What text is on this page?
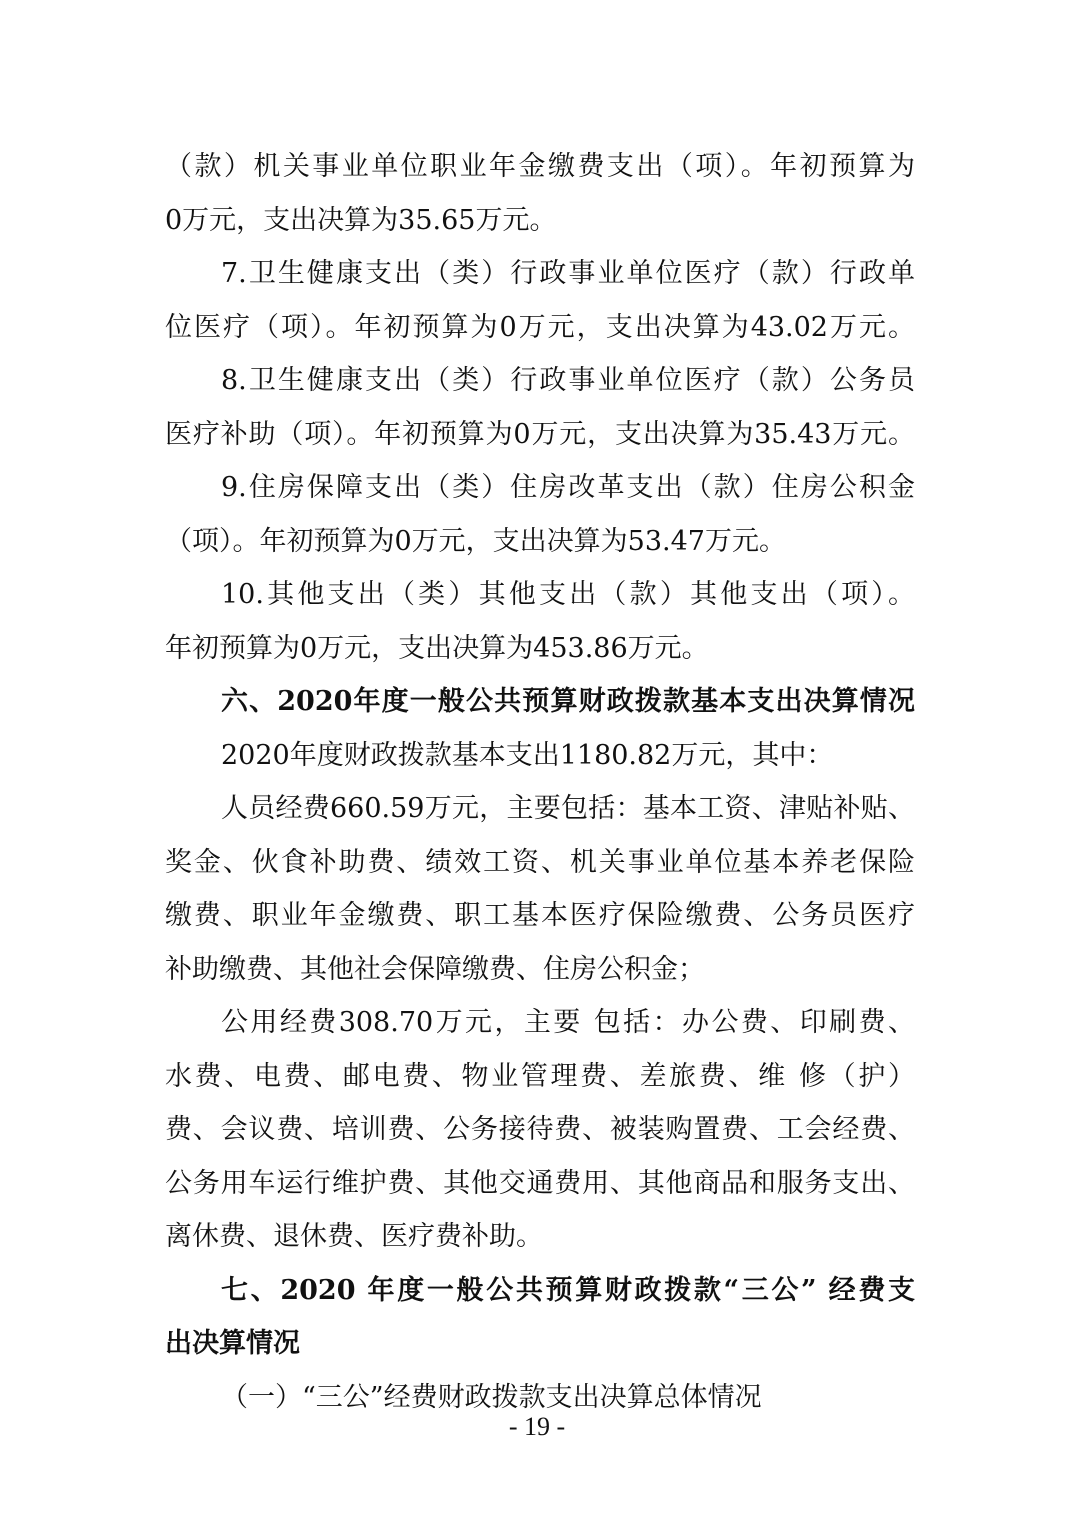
（款）机关事业单位职业年金缴费支出（项）。年初预算为
0万元，支出决算为35.65万元。
7.卫生健康支出（类）行政事业单位医疗（款）行政单
位医疗（项）。年初预算为0万元，支出决算为43.02万元。
8.卫生健康支出（类）行政事业单位医疗（款）公务员
医疗补助（项）。年初预算为0万元，支出决算为35.43万元。
9.住房保障支出（类）住房改革支出（款）住房公积金
（项）。年初预算为0万元，支出决算为53.47万元。
10.其他支出（类）其他支出（款）其他支出（项）。
年初预算为0万元，支出决算为453.86万元。
六、2020年度一般公共预算财政拨款基本支出决算情况
2020年度财政拨款基本支出1180.82万元，其中：
人员经费660.59万元，主要包括：基本工资、津贴补贴、
奖金、伙食补助费、绩效工资、机关事业单位基本养老保险
缴费、职业年金缴费、职工基本医疗保险缴费、公务员医疗
补助缴费、其他社会保障缴费、住房公积金；
公用经费308.70万元，主要 包括：办公费、印刷费、
水费、电费、邮电费、物业管理费、差旅费、维 修（护）
费、会议费、培训费、公务接待费、被装购置费、工会经费、
公务用车运行维护费、其他交通费用、其他商品和服务支出、
离休费、退休费、医疗费补助。
七、2020 年度一般公共预算财政拨款“三公” 经费支
出决算情况
（一）“三公”经费财政拨款支出决算总体情况
- 19 -
